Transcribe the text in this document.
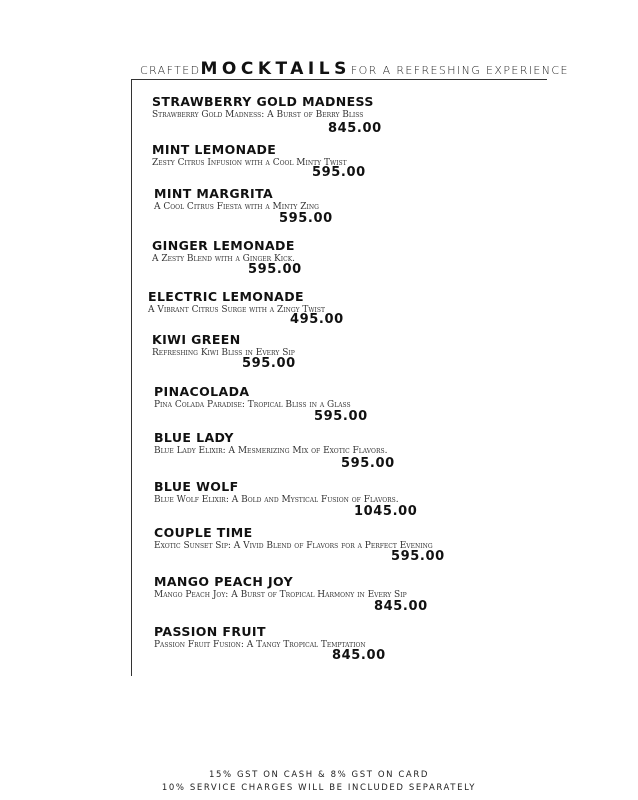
CRAFTED MOCKTAILS FOR A REFRESHING EXPERIENCE
STRAWBERRY GOLD MADNESS
Strawberry Gold Madness: A Burst of Berry Bliss
845.00
MINT LEMONADE
Zesty Citrus Infusion with a Cool Minty Twist
595.00
MINT MARGRITA
A Cool Citrus Fiesta with a Minty Zing
595.00
GINGER LEMONADE
A Zesty Blend with a Ginger Kick.
595.00
ELECTRIC LEMONADE
A Vibrant Citrus Surge with a Zingy Twist
495.00
KIWI GREEN
Refreshing Kiwi Bliss in Every Sip
595.00
PINACOLADA
Pina Colada Paradise: Tropical Bliss in a Glass
595.00
BLUE LADY
Blue Lady Elixir: A Mesmerizing Mix of Exotic Flavors.
595.00
BLUE WOLF
Blue Wolf Elixir: A Bold and Mystical Fusion of Flavors.
1045.00
COUPLE TIME
Exotic Sunset Sip: A Vivid Blend of Flavors for a Perfect Evening
595.00
MANGO PEACH JOY
Mango Peach Joy: A Burst of Tropical Harmony in Every Sip
845.00
PASSION FRUIT
Passion Fruit Fusion: A Tangy Tropical Temptation
845.00
15% GST ON CASH & 8% GST ON CARD
10% SERVICE CHARGES WILL BE INCLUDED SEPARATELY
